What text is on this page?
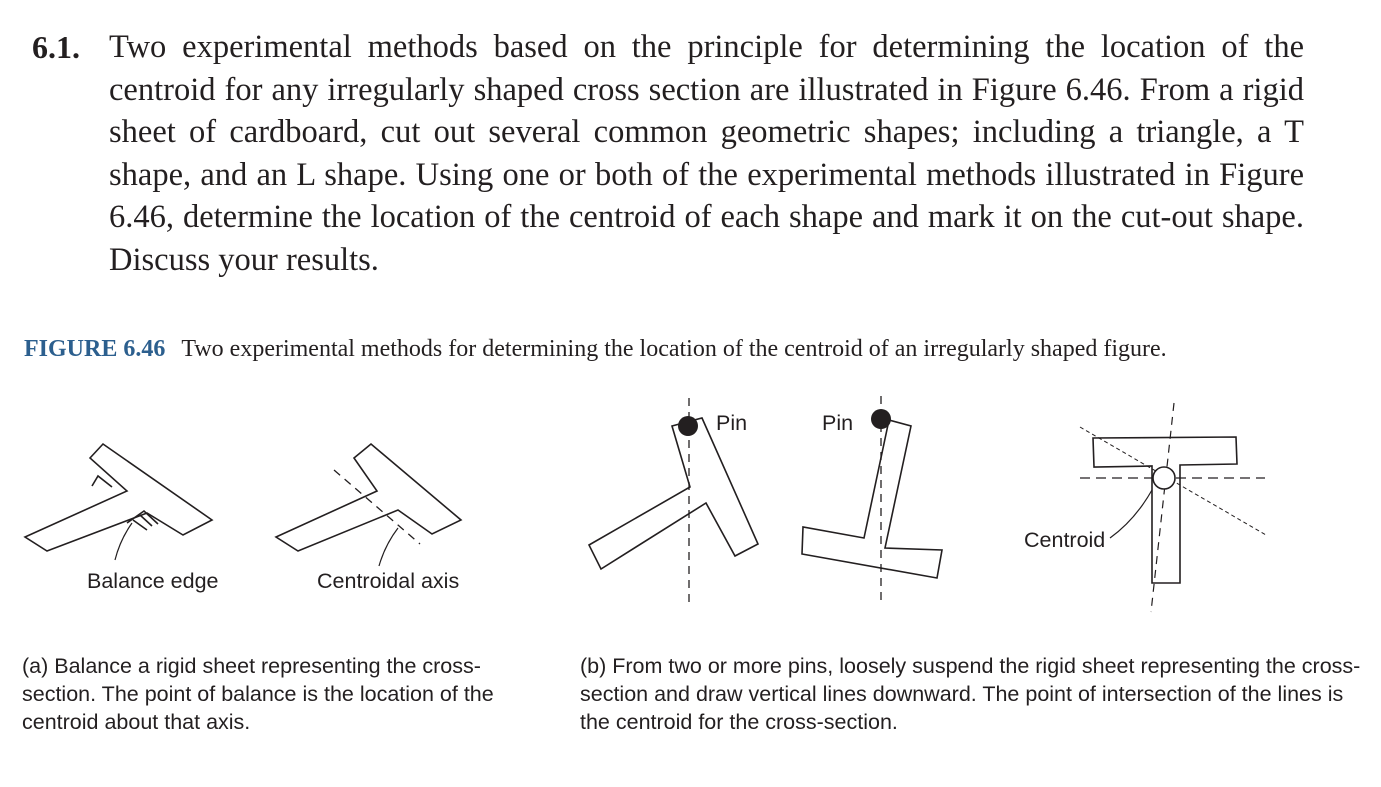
6.1. Two experimental methods based on the principle for determining the location of the centroid for any irregularly shaped cross section are illustrated in Figure 6.46. From a rigid sheet of cardboard, cut out several common geometric shapes; including a triangle, a T shape, and an L shape. Using one or both of the experimental methods illustrated in Figure 6.46, determine the location of the centroid of each shape and mark it on the cut-out shape. Discuss your results.
FIGURE 6.46 Two experimental methods for determining the location of the centroid of an irregularly shaped figure.
Balance edge	Centroidal axis
Pin	Pin
Centroid
(a) Balance a rigid sheet representing the cross-section. The point of balance is the location of the centroid about that axis.
(b) From two or more pins, loosely suspend the rigid sheet representing the cross-section and draw vertical lines downward. The point of intersection of the lines is the centroid for the cross-section.
